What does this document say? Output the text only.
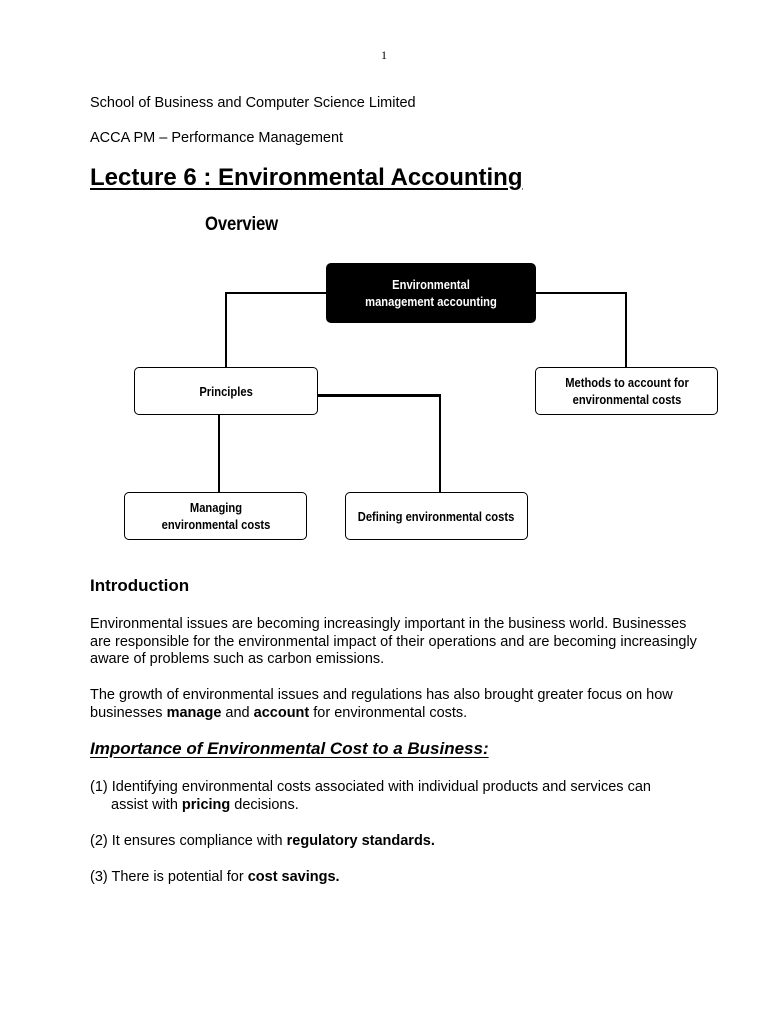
1
School of Business and Computer Science Limited
ACCA PM – Performance Management
Lecture 6 : Environmental Accounting
Overview
Environmental management accounting
Principles
Methods to account for environmental costs
Managing environmental costs
Defining environmental costs
Introduction

Environmental issues are becoming increasingly important in the business world. Businesses are responsible for the environmental impact of their operations and are becoming increasingly aware of problems such as carbon emissions.

The growth of environmental issues and regulations has also brought greater focus on how businesses manage and account for environmental costs.

Importance of Environmental Cost to a Business:
(1) Identifying environmental costs associated with individual products and services can
assist with pricing decisions.
(2) It ensures compliance with regulatory standards.
(3) There is potential for cost savings.
